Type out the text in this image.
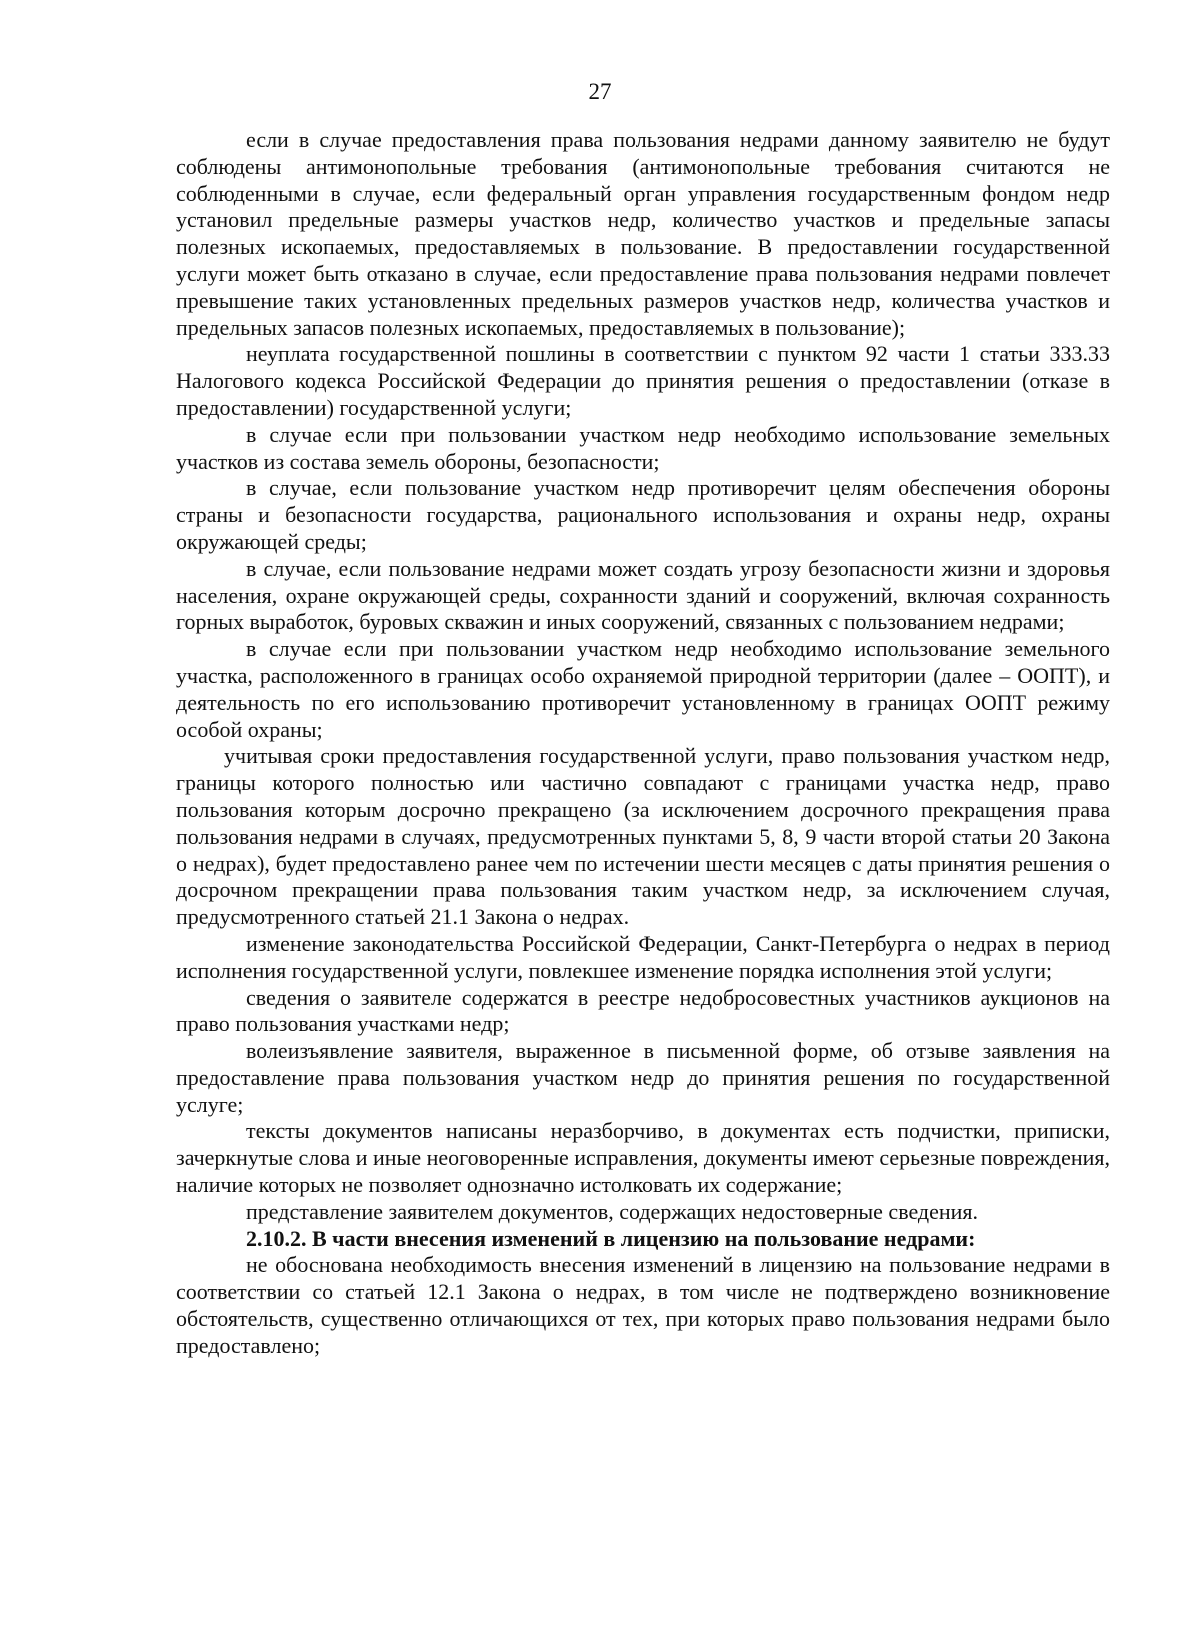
27

если в случае предоставления права пользования недрами данному заявителю не будут соблюдены антимонопольные требования (антимонопольные требования считаются не соблюденными в случае, если федеральный орган управления государственным фондом недр установил предельные размеры участков недр, количество участков и предельные запасы полезных ископаемых, предоставляемых в пользование. В предоставлении государственной услуги может быть отказано в случае, если предоставление права пользования недрами повлечет превышение таких установленных предельных размеров участков недр, количества участков и предельных запасов полезных ископаемых, предоставляемых в пользование);

неуплата государственной пошлины в соответствии с пунктом 92 части 1 статьи 333.33 Налогового кодекса Российской Федерации до принятия решения о предоставлении (отказе в предоставлении) государственной услуги;

в случае если при пользовании участком недр необходимо использование земельных участков из состава земель обороны, безопасности;

в случае, если пользование участком недр противоречит целям обеспечения обороны страны и безопасности государства, рационального использования и охраны недр, охраны окружающей среды;

в случае, если пользование недрами может создать угрозу безопасности жизни и здоровья населения, охране окружающей среды, сохранности зданий и сооружений, включая сохранность горных выработок, буровых скважин и иных сооружений, связанных с пользованием недрами;

в случае если при пользовании участком недр необходимо использование земельного участка, расположенного в границах особо охраняемой природной территории (далее – ООПТ), и деятельность по его использованию противоречит установленному в границах ООПТ режиму особой охраны;

учитывая сроки предоставления государственной услуги, право пользования участком недр, границы которого полностью или частично совпадают с границами участка недр, право пользования которым досрочно прекращено (за исключением досрочного прекращения права пользования недрами в случаях, предусмотренных пунктами 5, 8, 9 части второй статьи 20 Закона о недрах), будет предоставлено ранее чем по истечении шести месяцев с даты принятия решения о досрочном прекращении права пользования таким участком недр, за исключением случая, предусмотренного статьей 21.1 Закона о недрах.

изменение законодательства Российской Федерации, Санкт-Петербурга о недрах в период исполнения государственной услуги, повлекшее изменение порядка исполнения этой услуги;

сведения о заявителе содержатся в реестре недобросовестных участников аукционов на право пользования участками недр;

волеизъявление заявителя, выраженное в письменной форме, об отзыве заявления на предоставление права пользования участком недр до принятия решения по государственной услуге;

тексты документов написаны неразборчиво, в документах есть подчистки, приписки, зачеркнутые слова и иные неоговоренные исправления, документы имеют серьезные повреждения, наличие которых не позволяет однозначно истолковать их содержание;

представление заявителем документов, содержащих недостоверные сведения.

2.10.2. В части внесения изменений в лицензию на пользование недрами:

не обоснована необходимость внесения изменений в лицензию на пользование недрами в соответствии со статьей 12.1 Закона о недрах, в том числе не подтверждено возникновение обстоятельств, существенно отличающихся от тех, при которых право пользования недрами было предоставлено;
